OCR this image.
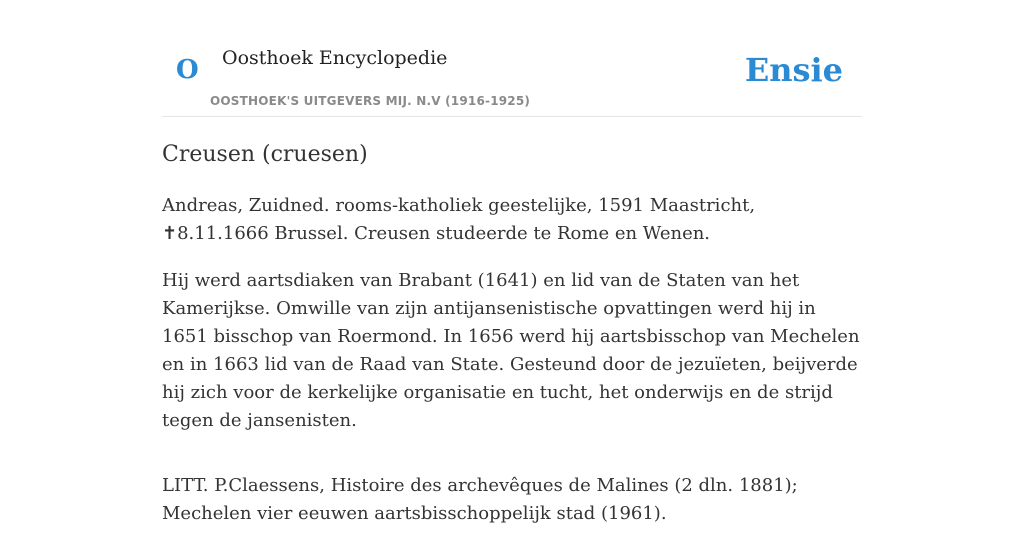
O Oosthoek Encyclopedie
OOSTHOEK'S UITGEVERS MIJ. N.V (1916-1925)
Ensie
Creusen (cruesen)

Andreas, Zuidned. rooms-katholiek geestelijke, 1591 Maastricht, ✝8.11.1666 Brussel. Creusen studeerde te Rome en Wenen.

Hij werd aartsdiaken van Brabant (1641) en lid van de Staten van het Kamerijkse. Omwille van zijn antijansenistische opvattingen werd hij in 1651 bisschop van Roermond. In 1656 werd hij aartsbisschop van Mechelen en in 1663 lid van de Raad van State. Gesteund door de jezuïeten, beijverde hij zich voor de kerkelijke organisatie en tucht, het onderwijs en de strijd tegen de jansenisten.

LITT. P.Claessens, Histoire des archevêques de Malines (2 dln. 1881); Mechelen vier eeuwen aartsbisschoppelijk stad (1961).
